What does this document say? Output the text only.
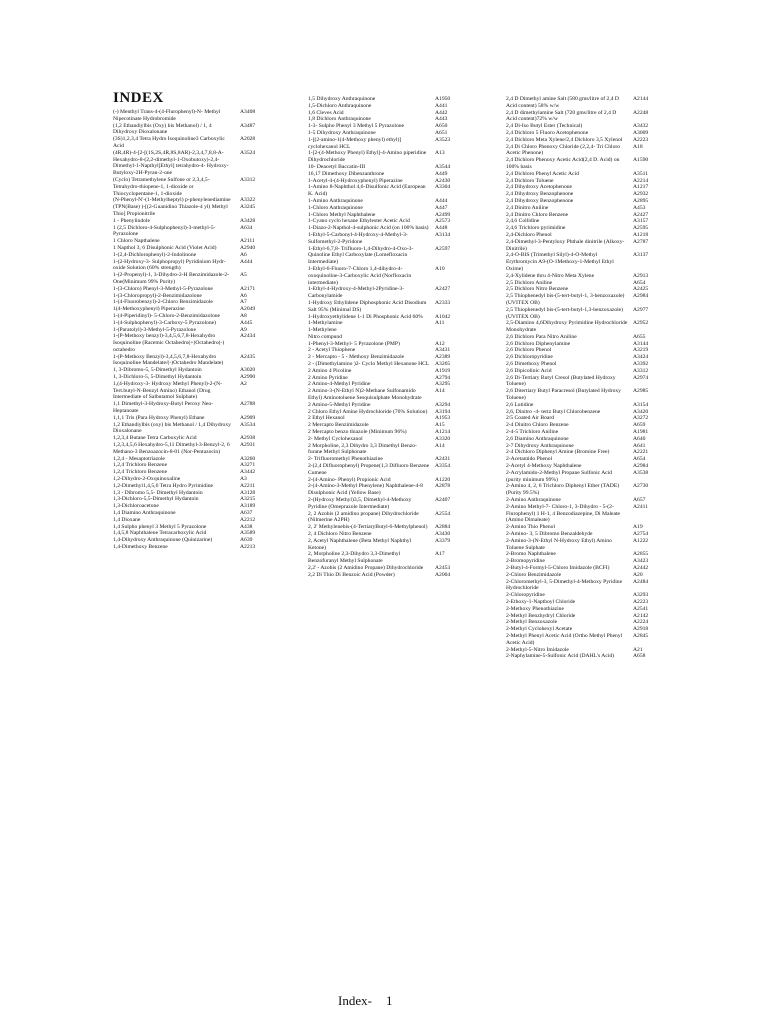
INDEX
(-) Menthyl Trans-4-(4-Flurophenyl)-N- Methyl Nipecotinate Hydrobromide
A3408
(1,2 Ethandiylbis (Oxy) bis Methanol) / 1, 4 Dihydroxy Dioxalonane
A3487
(3S)1,2,3,4 Tetra Hydro Isoquinoline3 Carboxylic Acid
A2028
(4R,4R)-4-[2-[(1S,2S,4R,8S,8AR)-2,3,4,7,8,8-A-Hexahydro-8-(2,2-dimethyl-1-Oxobutoxy)-2,4-Dimethyl-1-Napthyl]Ethyl] tetrahydro-4- Hydroxy-Butyloxy-2H-Pyran-2-one
A3524
(Cyclo) Tetramethylene Sulfone or 2,3,4,5-Tetrahydro-thiopene-1, 1-dioxide or Thiocyclopentane-1, 1-dioxide
A3312
(N-Phenyl-N'-(1-Methylheptyl) p-phenylenediamine	A3322
(TPN(Base) )-[(2-Guanidino Thiazole-4 yl) Methyl Thio] Propionitrile
A3245
1 - Phenylindole	A3428
1 (2,5 Dichloro-4-Sulphophenyl)-3-methyl-5-Pyrazolone
A634
1 Chloro Napthalene	A2111
1 Napthol 3, 6 Disulphonic Acid (Violet Acid)	A2940
1-(2,4-Dichlorophenyl)-2-Indolinone	A6
1-(2-Hydroxy-3- Sulphopropyl) Pyridinium Hydr- oxide Solution (60% strength)
A444
1-(2-Propenyl)-1, 3-Dihydro-2-H Benzimidazole-2- One(Minimum 99% Purity)
A5
1-(3-Chloro) Phenyl-3-Methyl-5-Pyrazolone	A2171
1-(3-Chloropropyl)-2-Benzimidazolone	A6
1-(4-Fluorobenzyl)-2-Chloro Benzimidazole	A7
1(4-Methoxyphenyl) Piperazine	A2049
1-(4-Piperidinyl)- 5-Chloro-2-Benzimidazolone	A8
1-(4-Sulphophenyl)-3-Carboxy-5 Pyrazolone)	A445
1-(Paratolyl)-3-Methyl-5-Pyrazolone	A9
1-(P-Methoxy benzyl)-3,4,5,6,7,8-Hexahydro Isoquinoline (Racemic Octahedro(+)Octahedro(-) octahedro
A2434
1-(P-Methoxy Benzyl)-3,4,5,6,7,8-Hexahydro Isoquinoline Mandelate/(-)Octahedro Mandelate)
A2435
1, 3-Dibromo-5, 5-Dimethyl Hydantoin	A3020
1, 3-Dichloro-5, 5-Dimethyl Hydantoin	A2990
1,(4-Hydroxy-3- Hydroxy Methyl Phenyl)-2-(N-Tert.butyl-N-Benzyl Amino) Ethanol (Drug Intermediate of Salbutamol Sulphate)
A2
1,1 Dimethyl-3-Hydroxy-Butyl Peroxy Neo- Heptanoate
A2788
1,1,1 Tris (Para Hydroxy Phenyl) Ethane	A2909
1,2 Ethandiylbis (oxy) bis Methanol / 1,4 Dihydroxy Dioxalonane
A3534
1,2,3,4 Butane Tetra Carboxylic Acid	A2938
1,2,3,4,5,6 Hexahydro-5,11 Dimethyl-3-Benzyl-2, 6 Methano-3 Benzoazocin-8-01 (Nor-Pentazocin)
A2931
1,2,4 - Mesaptotriazole	A3260
1,2,4 Trichloro Benzene	A3271
1,2,4 Trichloro Benzene	A3442
1,2-Dihydro-2-Oxquinoxaline	A3
1,2-Dimethyl1,4,5,6 Tetra Hydro Pyrimidine	A2211
1,3 - Dibromo 5,5- Dimethyl Hydantoin	A3128
1,3-Dichloro-5,5-Dimethyl Hydantoin	A3215
1,3-Dichloroacetone	A3189
1,4 Diamino Anthraquinone	A637
1,4 Dioxane	A2212
1,4 Sulpho phenyl 3 Methyl 5 Pyrazolone	A438
1,4,5,8 Naphthalene Tetracarboxylic Acid	A3589
1,4-Dihydroxy Anthraquinone (Quinizarine)	A639
1,4-Dimethoxy Benzene	A2213
1,5 Dihydroxy Anthraquinone	A1950
1,5-Dichloro Anthraquinone	A441
1,6 Cleves Acid	A442
1,8 Dichloro Anthraquinone	A443
1-3- Sulpho Phenyl 3 Methyl 5 Pyrazolone	A650
1-5 Dihydroxy Anthraquinone	A651
1-[(2-amino-1(4-Methoxy phenyl) ethyl)] cyclohexanol HCL
A3523
1-[2-(4-Methoxy Phenyl) Ethyl]-4-Amino piperidine Dihydrochloride
A13
10- Deacetyl Baccatin-III	A3544
16,17 Dimethoxy Dibenzanthrone	A449
1-Acetyl-4-(4-Hydroxyphenyl) Piperazine	A2430
1-Amino 8-Naphthol 4,6-Disulfonic Acid (European K. Acid)
A3304
1-Amino Anthraquinone	A444
1-Chloro Anthraquinone	A447
1-Chloro Methyl Naphthalene	A2499
1-Cyano cyclo hexane Ethylester Acetic Acid	A2573
1-Diazo-2-Napthol-4-sulphonic Acid (on 100% basis) A448
1-Ethyl-5-Carbonyl-4-Hydroxy-4-Methyl-3-Sulfomethyl-2-Pyridone
A3134
1-Ethyl-6,7,8- Trifluoro-1,4-Dihydro-4-Oxo-3- Quinoline Ethyl Carboxylate (Lomefloxacin Intermediate)
A2597
1-Ethyl-6-Fluoro-7-Chloro 1,4-dihydro-4-oxoquinoline-3-Carboxylic Acid (Norfloxacin intermediate)
A10
1-Ethyl-4-Hydroxy-4-Methyl-2Pyridine-3-Carbonylamide
A2427
1-Hydroxy Ethylidene Diphosphonic Acid Disodium Salt 95% (Minimal DS)
A2333
1-Hydroxyethylidene 1-1 Di Phosphonic Acid 60%	A1042
1-Methylamine	A11
1-Methylene
Nitro compund
1-Phenyl-3-Methyl- 5 Pyrazolone (PMP)	A12
2 - Acetyl Thiophene	A3431
2 - Mercapto - 5 - Methoxy Benzimidazole	A2389
2 - (Dimethylamino )2- Cyclo Methyl Hexanone HCL A3265
2 Amino 4 Picoline	A1919
2 Amino Pyridine	A2794
2 Amino-4-Methyl Pyridine	A3295
2 Amino-3-(N-Ethyl N)2-Methane Sulfonamido Ethyl) Aminotoluene Sesquisulphate Monohydrate
A14
2 Amino-5-Methyl Pyridine	A3294
2 Chloro Ethyl Amine Hydrochloride (70% Solution)	A3194
2 Ethyl Hexanol	A1953
2 Mercapto Benzimidazole	A15
2 Mercapto benzo thiazole (Minimum 96%)	A1214
2- Methyl Cyclohexanol	A3320
2 Morpholine, 2,3 Dihydro 3,3 Dimethyl Benzo- furane Methyl Sulphonate
A14
2- Trifluoromethyl Phenothiazine	A2431
2-(2,4 Difluorophenyl) Propene(1,3 Difluoro Benzene Cumene
A3354
2-(4-Amino- Phenyl) Propionic Acid	A1220
2-(4-Amino-3-Methyl Phenylene) Naphthalene-4-8 Disulphonic Acid (Yellow Base)
A2878
2-(Hydroxy Methyl)3,5, Dimethyl-4-Methoxy Pyridine (Omeprazole Intermediate)
A2407
2, 2 Azobis (2 amidino propane) Dihydrochloride (Nilmerine A2PH)
A2554
2, 2' Methylenebis-(4-TertiaryButyl-6-Methylphenol)	A2884
2, 4 Dichloro Nitro Benzene	A3430
2, Acetyl Naphthalene (Beta Methyl Naphthyl Ketone)
A3379
2, Morpholine 2,3-Dihydro 3,3-Dimethyl Benzofuranyl Methyl Sulphonate
A17
2,2' - Azobis (2 Amidino Propane) Dihydrochloride	A2453
2,2 Di Thio Di Benzoic Acid (Powder)	A2004
2,4 D Dimethyl amine Salt (580 gms/litre of 2,4 D Acid content) 58% w/w
A2144
2,4 D dimethylamine Salt (720 gms/litre of 2,4 D Acid content)72% w/w
A2248
2,4 Di-Iso Butyl Ester (Technical)	A3432
2,4 Dichloro 5 Fluoro Acetophenone	A3009
2,4 Dichloro Meta Xylene/2,4 Dichloro 3,5 Xylenol	A2223
2,4 Di Chloro Phenoxy Chloride (2,2,4- Tri Chloro Acetic Phenone)
A18
2,4 Dichloro Phenoxy Acetic Acid(2,4 D. Acid) on 100% basis
A1590
2,4 Dichloro Phenyl Acetic Acid	A3511
2,4 Dichloro Toluene	A2214
2,4 Dihydroxy Acetophenone	A1217
2,4 Dihydroxy Benzophenone	A2932
2,4 Dihydroxy Benzophenone	A2895
2,4 Dinitro Aniline	A453
2,4 Dinitro Chloro Benzene	A2427
2,4,6 Collidine	A3157
2,4,6 Trichloro pyrimidine	A2595
2,4-Dichloro Phenol	A1218
2,4-Dimethyl-3-Pentyloxy Phthale dinitrile (Alkoxy-Dinitrile)
A2787
2,4-O-BIS (Trimethyl Silyl)-4-O-Methyl Erythromycin A9-(O-1Methoxy-1-Methyl Ethyl Oxime)
A3137
2,4-Xylidene thru 4-Nitro Meta Xylene	A2913
2,5 Dichloro Aniline	A654
2,5 Dichloro Nitro Benzene	A2425
2,5 Thiophenedyl bis-(5-tert-butyl-1, 3-benzoxazole) (UVITEX OB)
A2984
2,5 Thiophenedyl bis-(5-tert-butyl-1,3-benzoxazole) (UVITEX OB)
A2977
2,5-Diamino 4,6Dihydroxy Pyrimidine Hydrochloride Monohydrate
A2952
2,6 Dichloro Para Nitro Aniline	A655
2,6 Dichloro Diphenylamine	A3144
2,6 Dichloro Phenol	A3219
2,6 Dichloropyridine	A3424
2,6 Dimethoxy Phenol	A3392
2,6 Dipicolinic Acid	A3312
2,6 Di-Tertiary Butyl Cresol (Butylated Hydroxy Toluene)
A2974
2,6 Ditertiary Butyl Paracresol (Butylated Hydroxy Toluene)
A2985
2,6 Lutidine	A3154
2,6, Dinitro -4- tertz Butyl Chlorobenzene	A3420
2/5 Coated Air Board	A3272
2-4 Dinitro Chloro Benzene	A659
2-4-5 Trichloro Aniline	A1981
2,6 Diamino Anthraquinone	A640
2-7 Dihydroxy Anthraquinone	A641
2-4 Dichloro Diphenyl Amine (Bromine Free)	A2221
2-Acetamido Phenol	A654
2-Acetyl 4-Methoxy Naphthalene	A2984
2-Acrylamido-2-Methyl Propane Sulfonic Acid (purity minimum 99%)
A3538
2-Amino 4, 2, 6 Trichloro Diphenyl Ether (TADE) (Purity 99.5%)
A2730
2-Amino Anthraquinone	A657
2-Amino Methyl-7- Chloro-1, 3-Dihydro - 5-(2-Flurophenyl) 1 H-1, 4 Benzodiazepine, Di Maleate (Amino Dimaleate)
A2411
2-Amino Thio Phenol	A19
2-Amino- 3, 5 Dibromo Benzaldehyde	A2754
2-Amino-3-(N-Ethyl N-Hydroxy Ethyl) Amino Toluene Sulphate
A1222
2-Bromo Naphthalene	A2855
2-Bromopyridine	A3423
2-Butyl-4-Formyl-5-Chloro Imidazole (BCFI)	A2442
2-Chloro Benzimidazole	A20
2-Chloromethyl-3, 5-Dimethyl-4-Methoxy Pyridine Hydrochloride
A2484
2-Chloropyridine	A3293
2-Ethoxy-1-Napthoyl Chloride	A2223
2-Methoxy Phenothiazine	A2541
2-Methyl Benzhydryl Chloride	A2142
2-Methyl Benzoxazole	A2224
2-Methyl Cyclohexyl Acetate	A2918
2-Methyl Phenyl Acetic Acid (Ortho Methyl Phenyl Acetic Acid)
A2845
2-Methyl-5-Nitro Imidazole	A21
2-Naphylamine-5-Sulfonic Acid (DAHL's Acid)	A658
Index- 1
